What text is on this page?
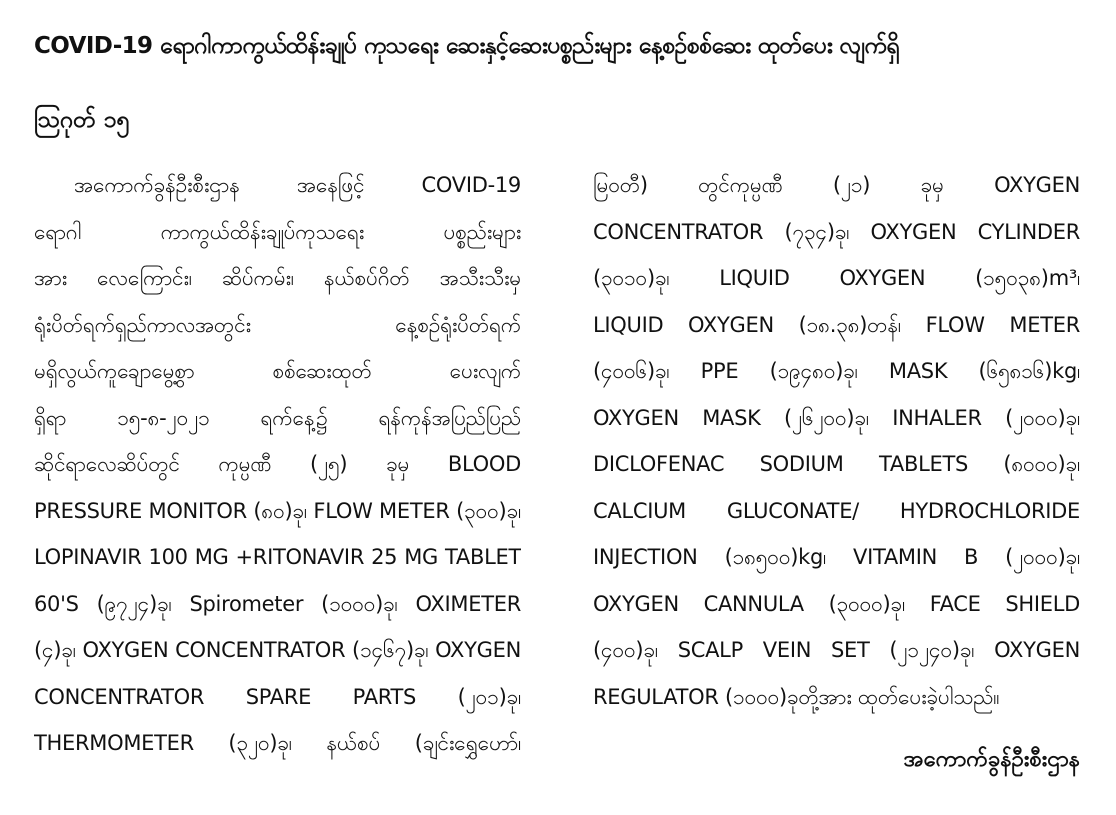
COVID-19 ရောဂါကာကွယ်ထိန်းချုပ် ကုသရေး ဆေးနှင့်ဆေးပစ္စည်းများ နေ့စဉ်စစ်ဆေး ထုတ်ပေး လျက်ရှိ
ဩဂုတ် ၁၅
အကောက်ခွန်ဦးစီးဌာန အနေဖြင့် COVID-19
ရောဂါ ကာကွယ်ထိန်းချုပ်ကုသရေး ပစ္စည်းများ
အား လေကြောင်း၊ ဆိပ်ကမ်း၊ နယ်စပ်ဂိတ် အသီးသီးမှ
ရုံးပိတ်ရက်ရှည်ကာလအတွင်း နေ့စဉ်ရုံးပိတ်ရက်
မရှိလွယ်ကူချောမွေ့စွာ စစ်ဆေးထုတ် ပေးလျက်
ရှိရာ ၁၅-၈-၂၀၂၁ ရက်နေ့၌ ရန်ကုန်အပြည်ပြည်
ဆိုင်ရာလေဆိပ်တွင် ကုမ္ပဏီ (၂၅) ခုမှ BLOOD
PRESSURE MONITOR (၈၀)ခု၊ FLOW METER (၃၀၀)ခု၊
LOPINAVIR 100 MG +RITONAVIR 25 MG TABLET
60'S (၉၇၂၄)ခု၊ Spirometer (၁၀၀၀)ခု၊ OXIMETER
(၄)ခု၊ OXYGEN CONCENTRATOR (၁၄၆၇)ခု၊ OXYGEN
CONCENTRATOR SPARE PARTS (၂၀၁)ခု၊
THERMOMETER (၃၂၀)ခု၊ နယ်စပ် (ချင်းရွှေဟော်၊
မြဝတီ) တွင်ကုမ္ပဏီ (၂၁) ခုမှ OXYGEN
CONCENTRATOR (၇၃၄)ခု၊ OXYGEN CYLINDER
(၃၀၁၀)ခု၊ LIQUID OXYGEN (၁၅၀၃၈)m³၊
LIQUID OXYGEN (၁၈.၃၈)တန်၊ FLOW METER
(၄၀၀၆)ခု၊ PPE (၁၉၄၈၀)ခု၊ MASK (၆၅၈၁၆)kg၊
OXYGEN MASK (၂၆၂၀၀)ခု၊ INHALER (၂၀၀၀)ခု၊
DICLOFENAC SODIUM TABLETS (၈၀၀၀)ခု၊
CALCIUM GLUCONATE/ HYDROCHLORIDE
INJECTION (၁၈၅၀၀)kg၊ VITAMIN B (၂၀၀၀)ခု၊
OXYGEN CANNULA (၃၀၀၀)ခု၊ FACE SHIELD
(၄၀၀)ခု၊ SCALP VEIN SET (၂၁၂၄၀)ခု၊ OXYGEN
REGULATOR (၁၀၀၀)ခုတို့အား ထုတ်ပေးခဲ့ပါသည်။

အကောက်ခွန်ဦးစီးဌာန
